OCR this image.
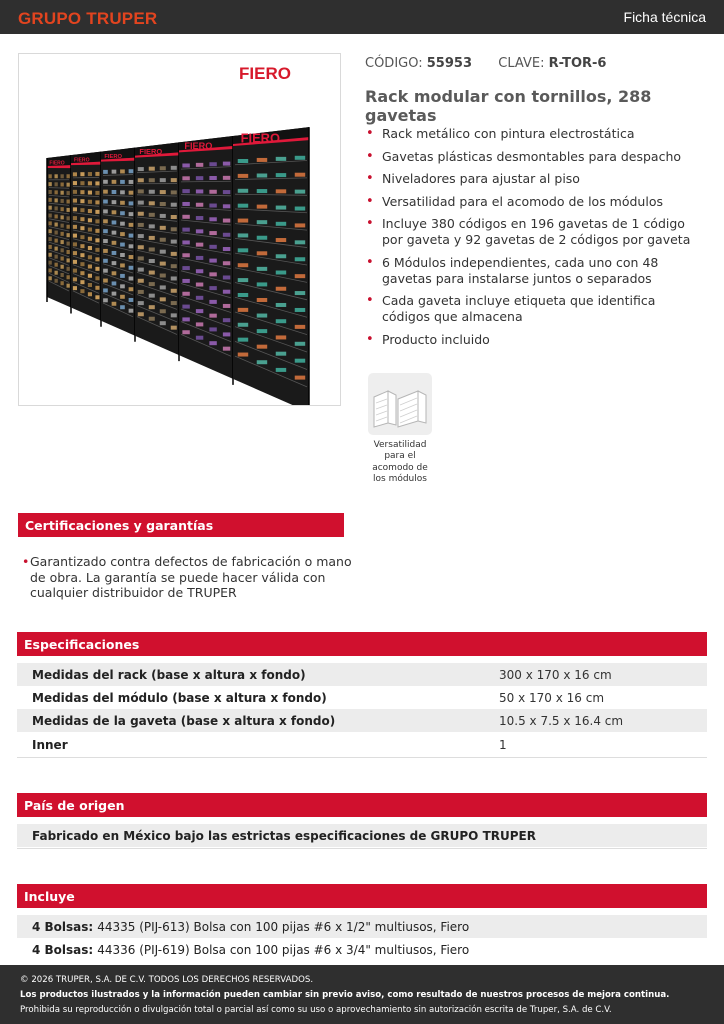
GRUPO TRUPER	Ficha técnica
FIERO
FIERO FIERO
FIERO
FIERO
FIERO
FIERO
CÓDIGO: 55953 CLAVE: R-TOR-6
Rack modular con tornillos, 288 gavetas
• Rack metálico con pintura electrostática
• Gavetas plásticas desmontables para despacho
• Niveladores para ajustar al piso
• Versatilidad para el acomodo de los módulos
• Incluye 380 códigos en 196 gavetas de 1 código por gaveta y 92 gavetas de 2 códigos por gaveta
• 6 Módulos independientes, cada uno con 48 gavetas para instalarse juntos o separados
• Cada gaveta incluye etiqueta que identifica códigos que almacena
• Producto incluido
Versatilidad para el acomodo de los módulos
Certificaciones y garantías
• Garantizado contra defectos de fabricación o mano de obra. La garantía se puede hacer válida con cualquier distribuidor de TRUPER
Especificaciones
Medidas del rack (base x altura x fondo)	300 x 170 x 16 cm
Medidas del módulo (base x altura x fondo)	50 x 170 x 16 cm
Medidas de la gaveta (base x altura x fondo)	10.5 x 7.5 x 16.4 cm
Inner	1
País de origen
Fabricado en México bajo las estrictas especificaciones de GRUPO TRUPER
Incluye
4 Bolsas: 44335 (PIJ-613) Bolsa con 100 pijas #6 x 1/2" multiusos, Fiero
4 Bolsas: 44336 (PIJ-619) Bolsa con 100 pijas #6 x 3/4" multiusos, Fiero
© 2026 TRUPER, S.A. DE C.V. TODOS LOS DERECHOS RESERVADOS.
Los productos ilustrados y la información pueden cambiar sin previo aviso, como resultado de nuestros procesos de mejora continua.
Prohibida su reproducción o divulgación total o parcial así como su uso o aprovechamiento sin autorización escrita de Truper, S.A. de C.V.
